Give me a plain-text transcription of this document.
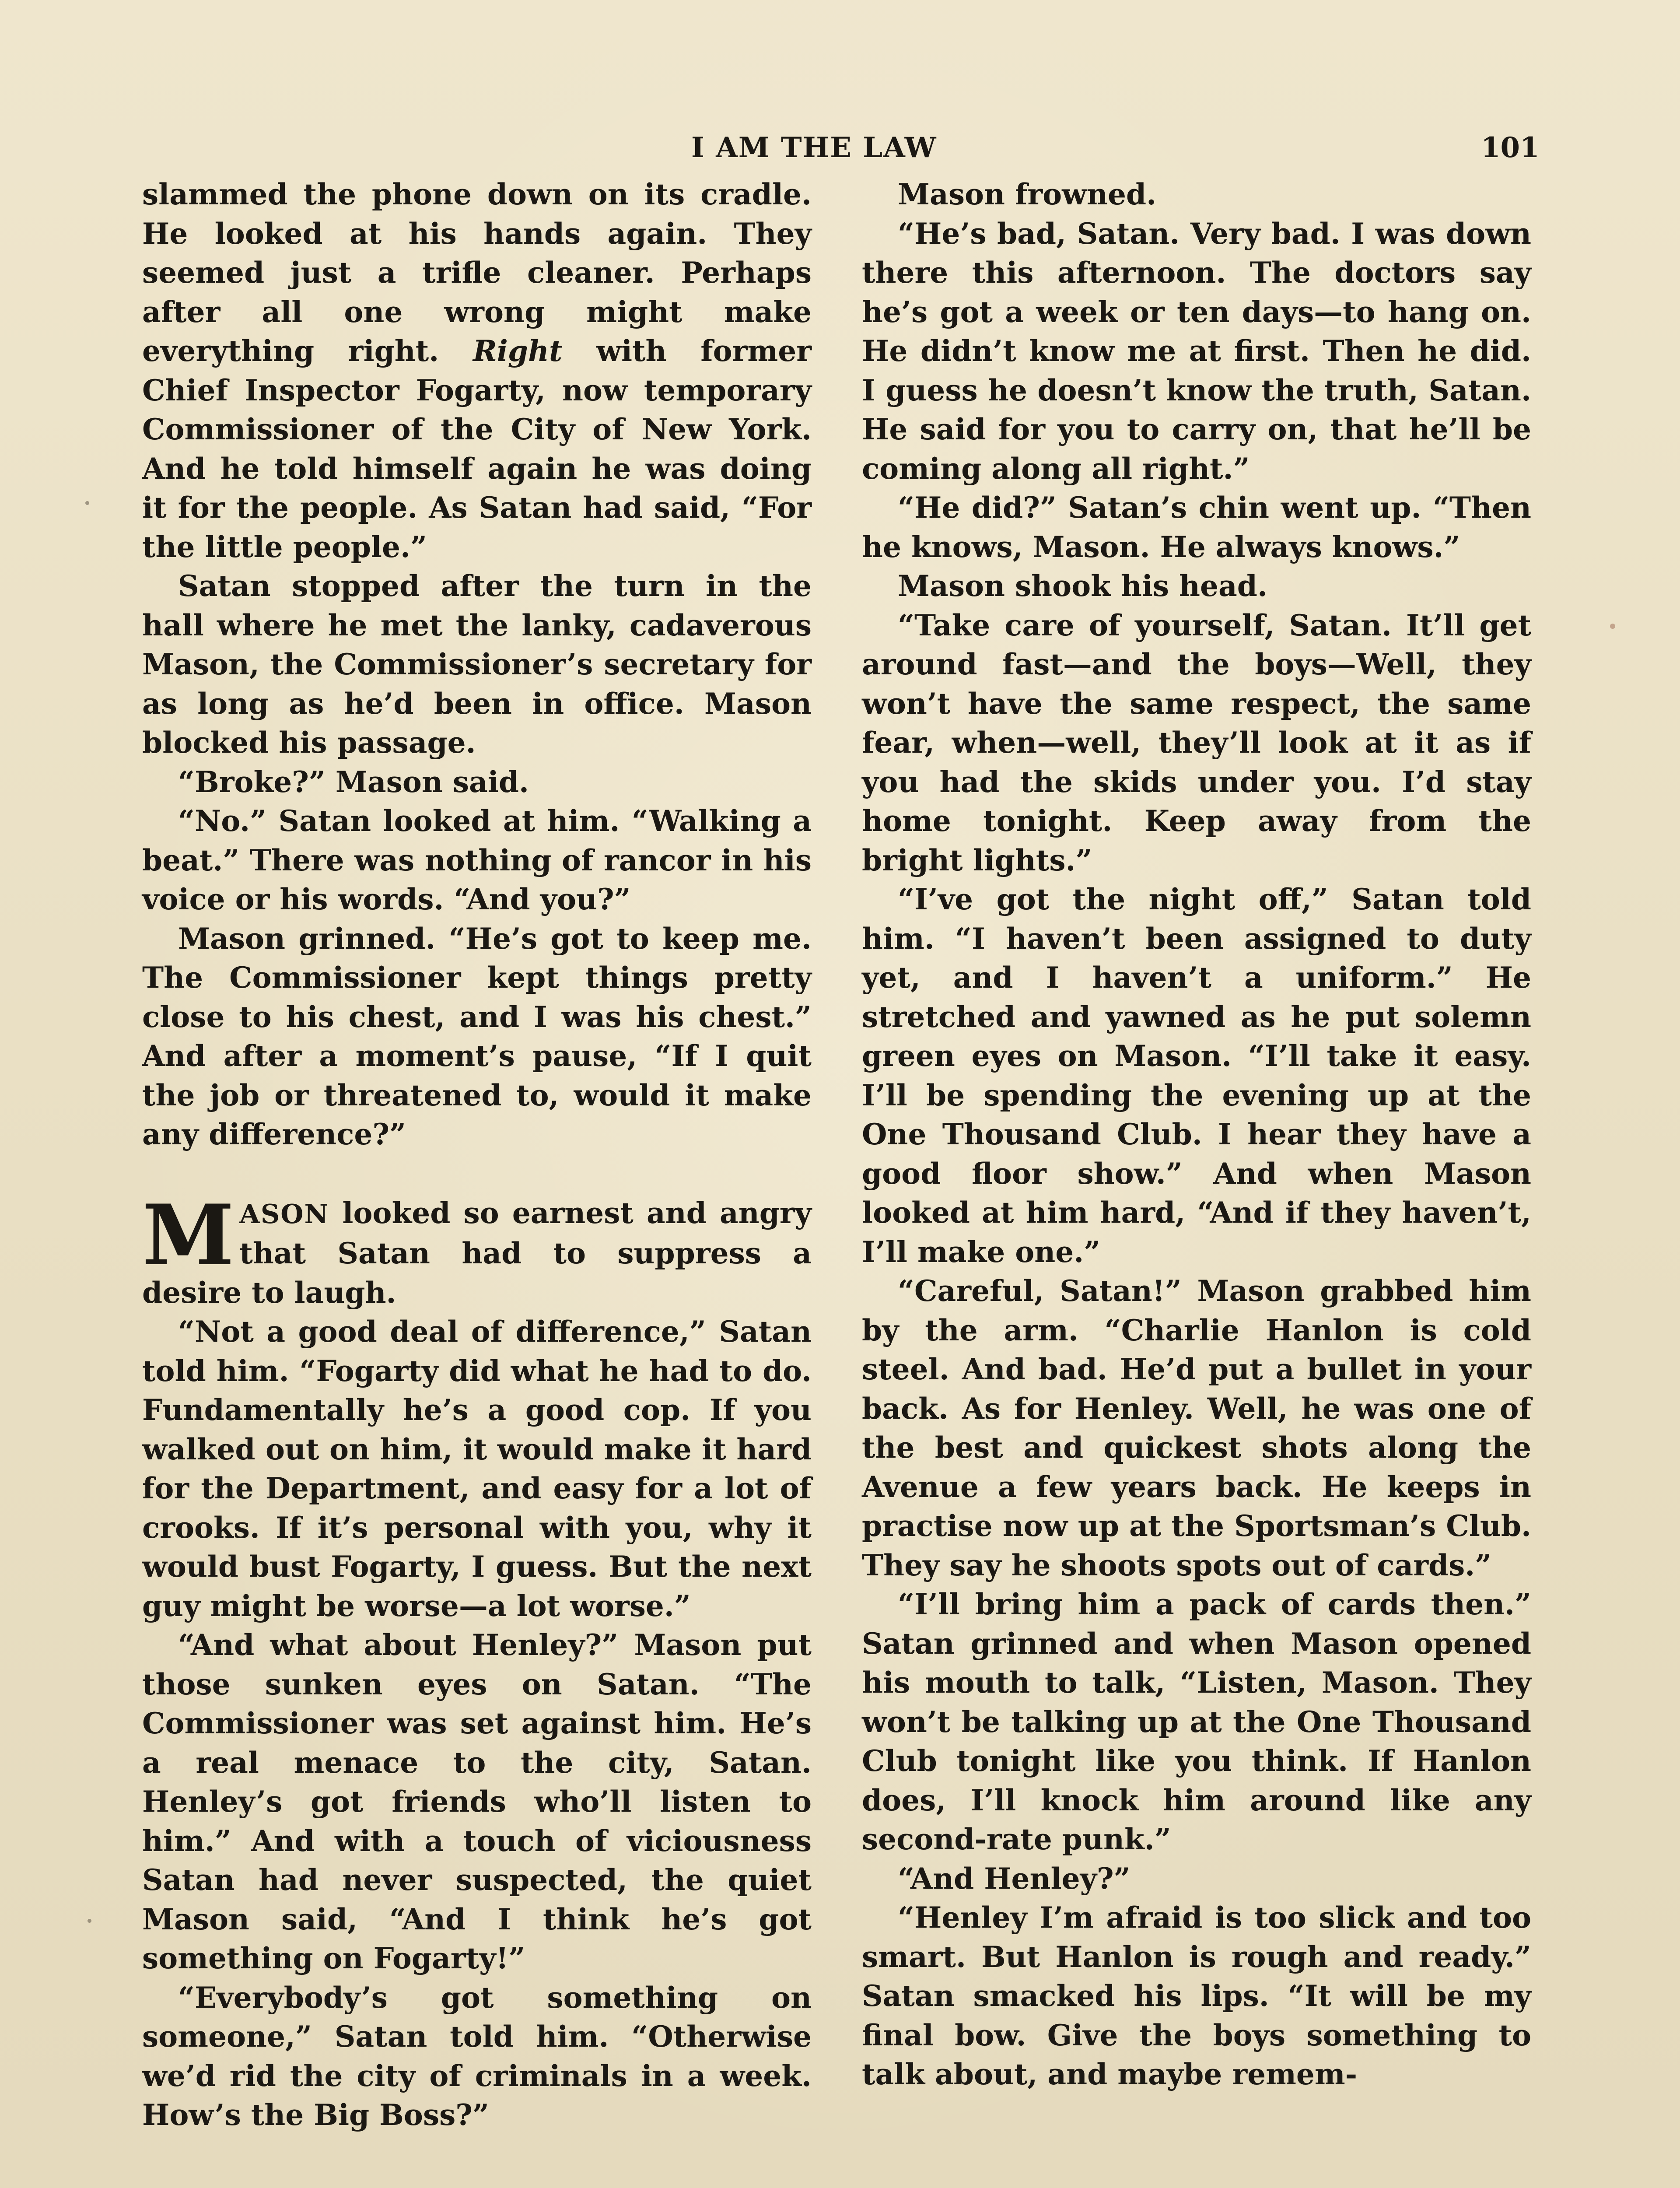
I AM THE LAW	101

slammed the phone down on its cradle. He looked at his hands again. They seemed just a trifle cleaner. Perhaps after all one wrong might make everything right. Right with former Chief Inspector Fogarty, now temporary Commissioner of the City of New York. And he told himself again he was doing it for the people. As Satan had said, “For the little people.”

Satan stopped after the turn in the hall where he met the lanky, cadaverous Mason, the Commissioner’s secretary for as long as he’d been in office. Mason blocked his passage.

“Broke?” Mason said.

“No.” Satan looked at him. “Walking a beat.” There was nothing of rancor in his voice or his words. “And you?”

Mason grinned. “He’s got to keep me. The Commissioner kept things pretty close to his chest, and I was his chest.” And after a moment’s pause, “If I quit the job or threatened to, would it make any difference?”

MASON looked so earnest and angry that Satan had to suppress a desire to laugh.

“Not a good deal of difference,” Satan told him. “Fogarty did what he had to do. Fundamentally he’s a good cop. If you walked out on him, it would make it hard for the Department, and easy for a lot of crooks. If it’s personal with you, why it would bust Fogarty, I guess. But the next guy might be worse—a lot worse.”

“And what about Henley?” Mason put those sunken eyes on Satan. “The Commissioner was set against him. He’s a real menace to the city, Satan. Henley’s got friends who’ll listen to him.” And with a touch of viciousness Satan had never suspected, the quiet Mason said, “And I think he’s got something on Fogarty!”

“Everybody’s got something on someone,” Satan told him. “Otherwise we’d rid the city of criminals in a week. How’s the Big Boss?”

Mason frowned.

“He’s bad, Satan. Very bad. I was down there this afternoon. The doctors say he’s got a week or ten days—to hang on. He didn’t know me at first. Then he did. I guess he doesn’t know the truth, Satan. He said for you to carry on, that he’ll be coming along all right.”

“He did?” Satan’s chin went up. “Then he knows, Mason. He always knows.”

Mason shook his head.

“Take care of yourself, Satan. It’ll get around fast—and the boys—Well, they won’t have the same respect, the same fear, when—well, they’ll look at it as if you had the skids under you. I’d stay home tonight. Keep away from the bright lights.”

“I’ve got the night off,” Satan told him. “I haven’t been assigned to duty yet, and I haven’t a uniform.” He stretched and yawned as he put solemn green eyes on Mason. “I’ll take it easy. I’ll be spending the evening up at the One Thousand Club. I hear they have a good floor show.” And when Mason looked at him hard, “And if they haven’t, I’ll make one.”

“Careful, Satan!” Mason grabbed him by the arm. “Charlie Hanlon is cold steel. And bad. He’d put a bullet in your back. As for Henley. Well, he was one of the best and quickest shots along the Avenue a few years back. He keeps in practise now up at the Sportsman’s Club. They say he shoots spots out of cards.”

“I’ll bring him a pack of cards then.” Satan grinned and when Mason opened his mouth to talk, “Listen, Mason. They won’t be talking up at the One Thousand Club tonight like you think. If Hanlon does, I’ll knock him around like any second-rate punk.”

“And Henley?”

“Henley I’m afraid is too slick and too smart. But Hanlon is rough and ready.” Satan smacked his lips. “It will be my final bow. Give the boys something to talk about, and maybe remem-
